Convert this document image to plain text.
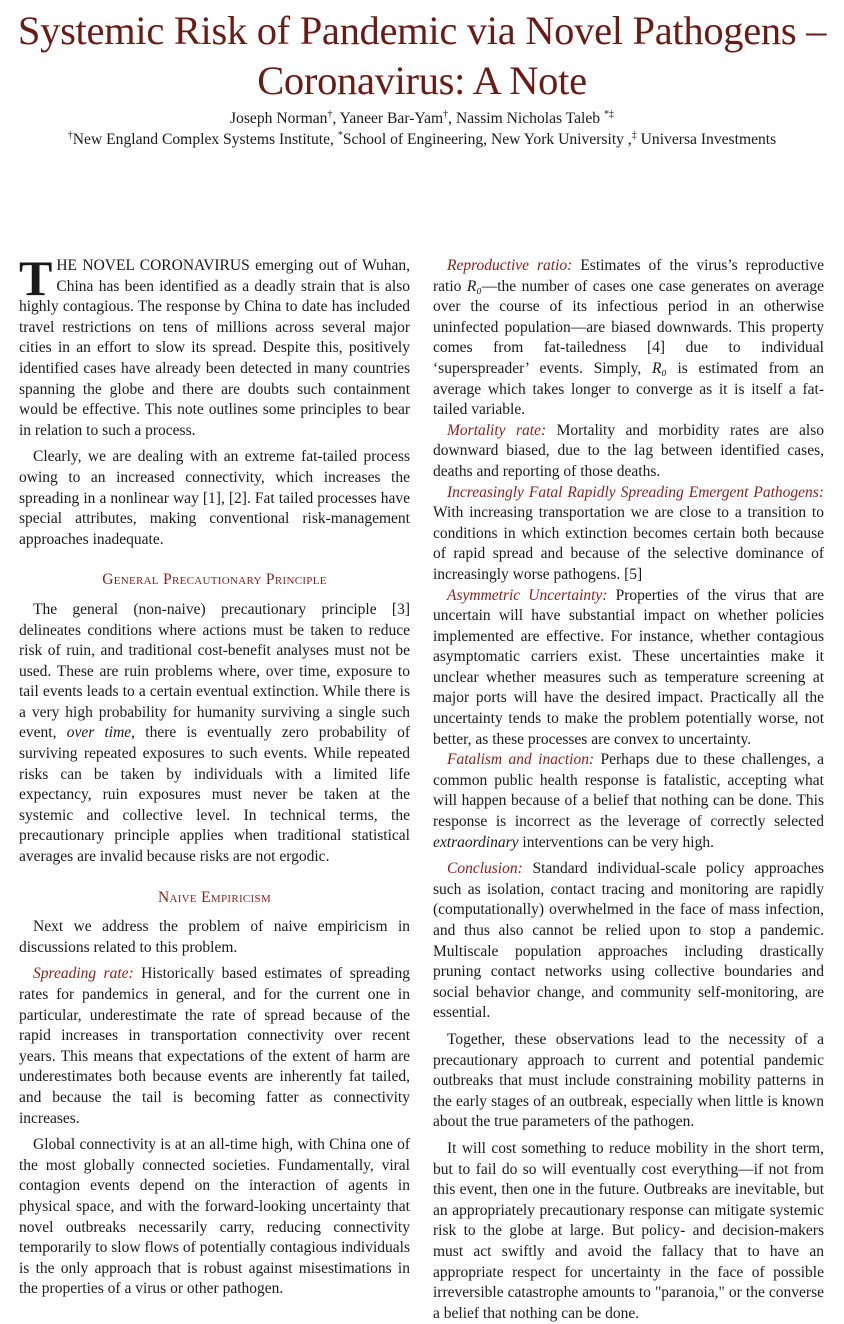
Systemic Risk of Pandemic via Novel Pathogens –
Coronavirus: A Note
Joseph Norman†, Yaneer Bar-Yam†, Nassim Nicholas Taleb *‡
†New England Complex Systems Institute, *School of Engineering, New York University ,‡ Universa Investments

THE NOVEL CORONAVIRUS emerging out of Wuhan, China has been identified as a deadly strain that is also highly contagious. The response by China to date has included travel restrictions on tens of millions across several major cities in an effort to slow its spread. Despite this, positively identified cases have already been detected in many countries spanning the globe and there are doubts such containment would be effective. This note outlines some principles to bear in relation to such a process.

Clearly, we are dealing with an extreme fat-tailed process owing to an increased connectivity, which increases the spreading in a nonlinear way [1], [2]. Fat tailed processes have special attributes, making conventional risk-management approaches inadequate.

General Precautionary Principle

The general (non-naive) precautionary principle [3] delineates conditions where actions must be taken to reduce risk of ruin, and traditional cost-benefit analyses must not be used. These are ruin problems where, over time, exposure to tail events leads to a certain eventual extinction. While there is a very high probability for humanity surviving a single such event, over time, there is eventually zero probability of surviving repeated exposures to such events. While repeated risks can be taken by individuals with a limited life expectancy, ruin exposures must never be taken at the systemic and collective level. In technical terms, the precautionary principle applies when traditional statistical averages are invalid because risks are not ergodic.

Naive Empiricism

Next we address the problem of naive empiricism in discussions related to this problem.

Spreading rate: Historically based estimates of spreading rates for pandemics in general, and for the current one in particular, underestimate the rate of spread because of the rapid increases in transportation connectivity over recent years. This means that expectations of the extent of harm are underestimates both because events are inherently fat tailed, and because the tail is becoming fatter as connectivity increases.

Global connectivity is at an all-time high, with China one of the most globally connected societies. Fundamentally, viral contagion events depend on the interaction of agents in physical space, and with the forward-looking uncertainty that novel outbreaks necessarily carry, reducing connectivity temporarily to slow flows of potentially contagious individuals is the only approach that is robust against misestimations in the properties of a virus or other pathogen.

Reproductive ratio: Estimates of the virus’s reproductive ratio R₀—the number of cases one case generates on average over the course of its infectious period in an otherwise uninfected population—are biased downwards. This property comes from fat-tailedness [4] due to individual ‘superspreader’ events. Simply, R₀ is estimated from an average which takes longer to converge as it is itself a fat-tailed variable.

Mortality rate: Mortality and morbidity rates are also downward biased, due to the lag between identified cases, deaths and reporting of those deaths.

Increasingly Fatal Rapidly Spreading Emergent Pathogens: With increasing transportation we are close to a transition to conditions in which extinction becomes certain both because of rapid spread and because of the selective dominance of increasingly worse pathogens. [5]

Asymmetric Uncertainty: Properties of the virus that are uncertain will have substantial impact on whether policies implemented are effective. For instance, whether contagious asymptomatic carriers exist. These uncertainties make it unclear whether measures such as temperature screening at major ports will have the desired impact. Practically all the uncertainty tends to make the problem potentially worse, not better, as these processes are convex to uncertainty.

Fatalism and inaction: Perhaps due to these challenges, a common public health response is fatalistic, accepting what will happen because of a belief that nothing can be done. This response is incorrect as the leverage of correctly selected extraordinary interventions can be very high.

Conclusion: Standard individual-scale policy approaches such as isolation, contact tracing and monitoring are rapidly (computationally) overwhelmed in the face of mass infection, and thus also cannot be relied upon to stop a pandemic. Multiscale population approaches including drastically pruning contact networks using collective boundaries and social behavior change, and community self-monitoring, are essential.

Together, these observations lead to the necessity of a precautionary approach to current and potential pandemic outbreaks that must include constraining mobility patterns in the early stages of an outbreak, especially when little is known about the true parameters of the pathogen.

It will cost something to reduce mobility in the short term, but to fail do so will eventually cost everything—if not from this event, then one in the future. Outbreaks are inevitable, but an appropriately precautionary response can mitigate systemic risk to the globe at large. But policy- and decision-makers must act swiftly and avoid the fallacy that to have an appropriate respect for uncertainty in the face of possible irreversible catastrophe amounts to "paranoia," or the converse a belief that nothing can be done.
